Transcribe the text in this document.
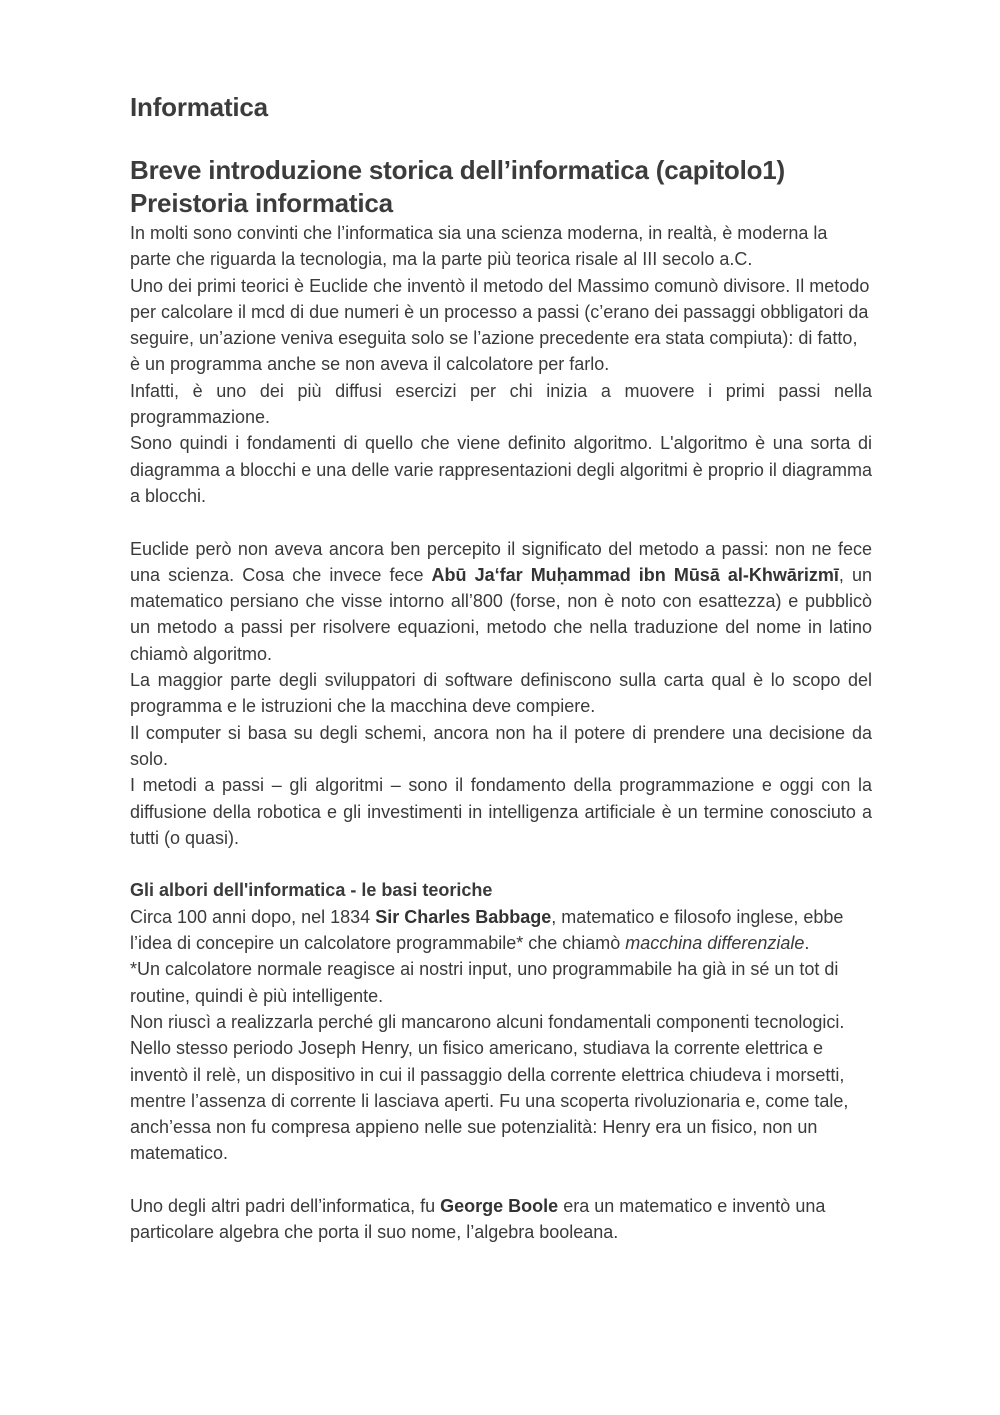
Informatica
Breve introduzione storica dell’informatica (capitolo1)
Preistoria informatica

In molti sono convinti che l’informatica sia una scienza moderna, in realtà, è moderna la parte che riguarda la tecnologia, ma la parte più teorica risale al III secolo a.C.

Uno dei primi teorici è Euclide che inventò il metodo del Massimo comunò divisore. Il metodo per calcolare il mcd di due numeri è un processo a passi (c’erano dei passaggi obbligatori da seguire, un’azione veniva eseguita solo se l’azione precedente era stata compiuta): di fatto, è un programma anche se non aveva il calcolatore per farlo.

Infatti, è uno dei più diffusi esercizi per chi inizia a muovere i primi passi nella programmazione.

Sono quindi i fondamenti di quello che viene definito algoritmo. L'algoritmo è una sorta di diagramma a blocchi e una delle varie rappresentazioni degli algoritmi è proprio il diagramma a blocchi.

Euclide però non aveva ancora ben percepito il significato del metodo a passi: non ne fece una scienza. Cosa che invece fece Abū Ja‘far Muḥammad ibn Mūsā al-Khwārizmī, un matematico persiano che visse intorno all’800 (forse, non è noto con esattezza) e pubblicò un metodo a passi per risolvere equazioni, metodo che nella traduzione del nome in latino chiamò algoritmo.

La maggior parte degli sviluppatori di software definiscono sulla carta qual è lo scopo del programma e le istruzioni che la macchina deve compiere.

Il computer si basa su degli schemi, ancora non ha il potere di prendere una decisione da solo.

I metodi a passi – gli algoritmi – sono il fondamento della programmazione e oggi con la diffusione della robotica e gli investimenti in intelligenza artificiale è un termine conosciuto a tutti (o quasi).

Gli albori dell'informatica - le basi teoriche

Circa 100 anni dopo, nel 1834 Sir Charles Babbage, matematico e filosofo inglese, ebbe l’idea di concepire un calcolatore programmabile* che chiamò macchina differenziale.

*Un calcolatore normale reagisce ai nostri input, uno programmabile ha già in sé un tot di routine, quindi è più intelligente.

Non riuscì a realizzarla perché gli mancarono alcuni fondamentali componenti tecnologici. Nello stesso periodo Joseph Henry, un fisico americano, studiava la corrente elettrica e inventò il relè, un dispositivo in cui il passaggio della corrente elettrica chiudeva i morsetti, mentre l’assenza di corrente li lasciava aperti. Fu una scoperta rivoluzionaria e, come tale, anch’essa non fu compresa appieno nelle sue potenzialità: Henry era un fisico, non un matematico.

Uno degli altri padri dell’informatica, fu George Boole era un matematico e inventò una particolare algebra che porta il suo nome, l’algebra booleana.
